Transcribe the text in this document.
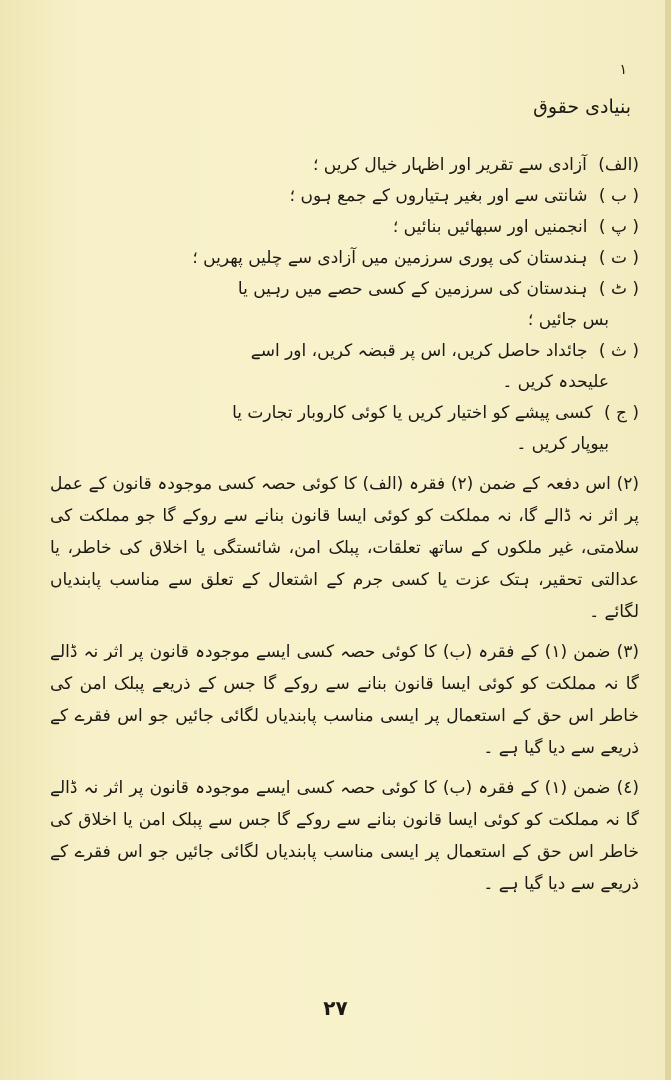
١
بنیادی حقوق
(الف) آزادی سے تقریر اور اظہار خیال کریں ؛
( ب ) شانتی سے اور بغیر ہتیاروں کے جمع ہوں ؛
( پ ) انجمنیں اور سبھائیں بنائیں ؛
( ت ) ہندستان کی پوری سرزمین میں آزادی سے چلیں پھریں ؛
( ٹ ) ہندستان کی سرزمین کے کسی حصے میں رہیں یا
بس جائیں ؛
( ث ) جائداد حاصل کریں، اس پر قبضہ کریں، اور اسے
علیحدہ کریں ۔
( ج ) کسی پیشے کو اختیار کریں یا کوئی کاروبار تجارت یا
بیوپار کریں ۔

(٢) اس دفعہ کے ضمن (٢) فقرہ (الف) کا کوئی حصہ کسی موجودہ قانون کے عمل پر اثر نہ ڈالے گا، نہ مملکت کو کوئی ایسا قانون بنانے سے روکے گا جو مملکت کی سلامتی، غیر ملکوں کے ساتھ تعلقات، پبلک امن، شائستگی یا اخلاق کی خاطر، یا عدالتی تحقیر، ہتک عزت یا کسی جرم کے اشتعال کے تعلق سے مناسب پابندیاں لگائے ۔

(٣) ضمن (١) کے فقرہ (ب) کا کوئی حصہ کسی ایسے موجودہ قانون پر اثر نہ ڈالے گا نہ مملکت کو کوئی ایسا قانون بنانے سے روکے گا جس کے ذریعے پبلک امن کی خاطر اس حق کے استعمال پر ایسی مناسب پابندیاں لگائی جائیں جو اس فقرے کے ذریعے سے دیا گیا ہے ۔

(٤) ضمن (١) کے فقرہ (ب) کا کوئی حصہ کسی ایسے موجودہ قانون پر اثر نہ ڈالے گا نہ مملکت کو کوئی ایسا قانون بنانے سے روکے گا جس سے پبلک امن یا اخلاق کی خاطر اس حق کے استعمال پر ایسی مناسب پابندیاں لگائی جائیں جو اس فقرے کے ذریعے سے دیا گیا ہے ۔

٢٧
